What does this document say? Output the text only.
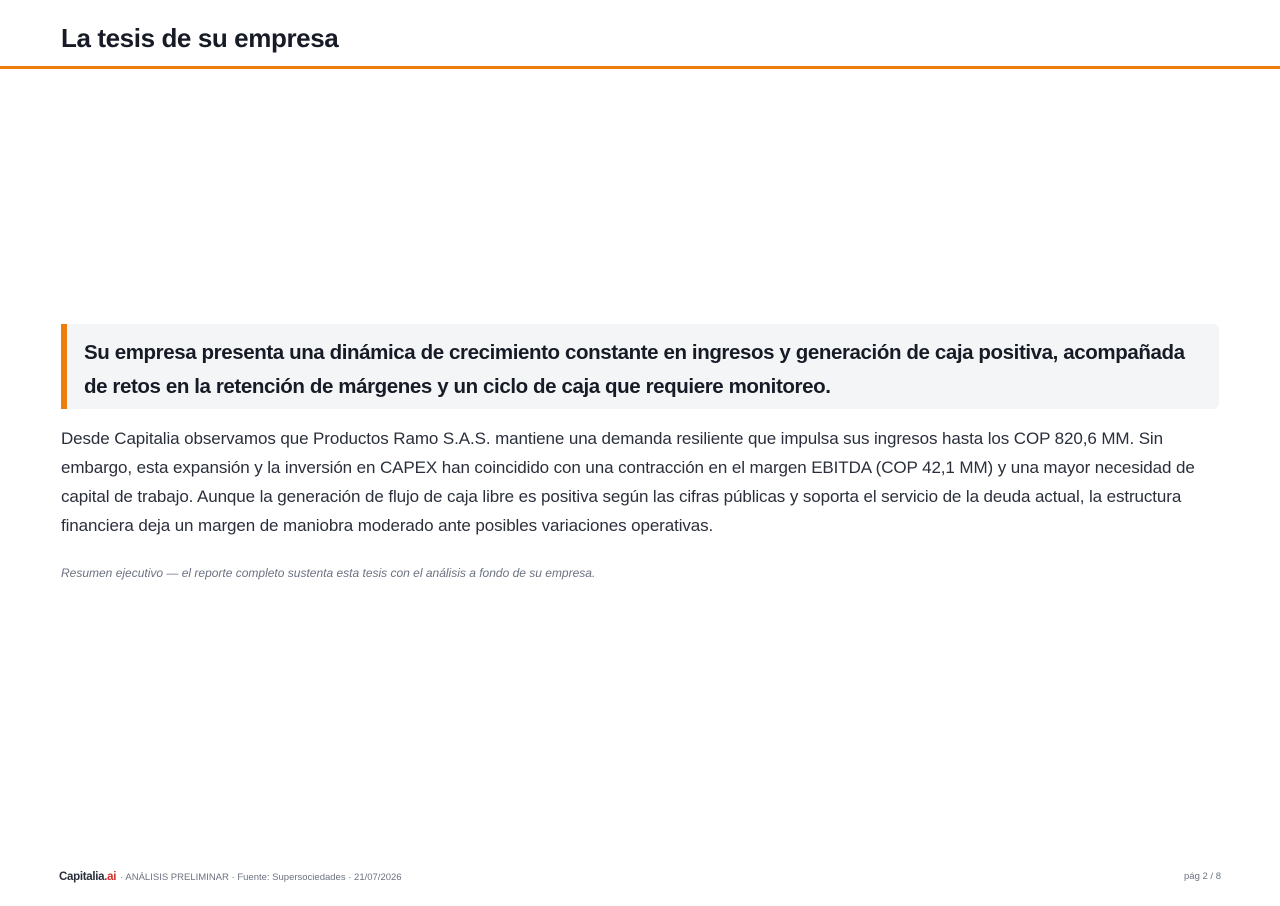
La tesis de su empresa

Su empresa presenta una dinámica de crecimiento constante en ingresos y generación de caja positiva, acompañada de retos en la retención de márgenes y un ciclo de caja que requiere monitoreo.

Desde Capitalia observamos que Productos Ramo S.A.S. mantiene una demanda resiliente que impulsa sus ingresos hasta los COP 820,6 MM. Sin embargo, esta expansión y la inversión en CAPEX han coincidido con una contracción en el margen EBITDA (COP 42,1 MM) y una mayor necesidad de capital de trabajo. Aunque la generación de flujo de caja libre es positiva según las cifras públicas y soporta el servicio de la deuda actual, la estructura financiera deja un margen de maniobra moderado ante posibles variaciones operativas.

Resumen ejecutivo — el reporte completo sustenta esta tesis con el análisis a fondo de su empresa.

Capitalia.ai · ANÁLISIS PRELIMINAR · Fuente: Supersociedades · 21/07/2026	pág 2 / 8
